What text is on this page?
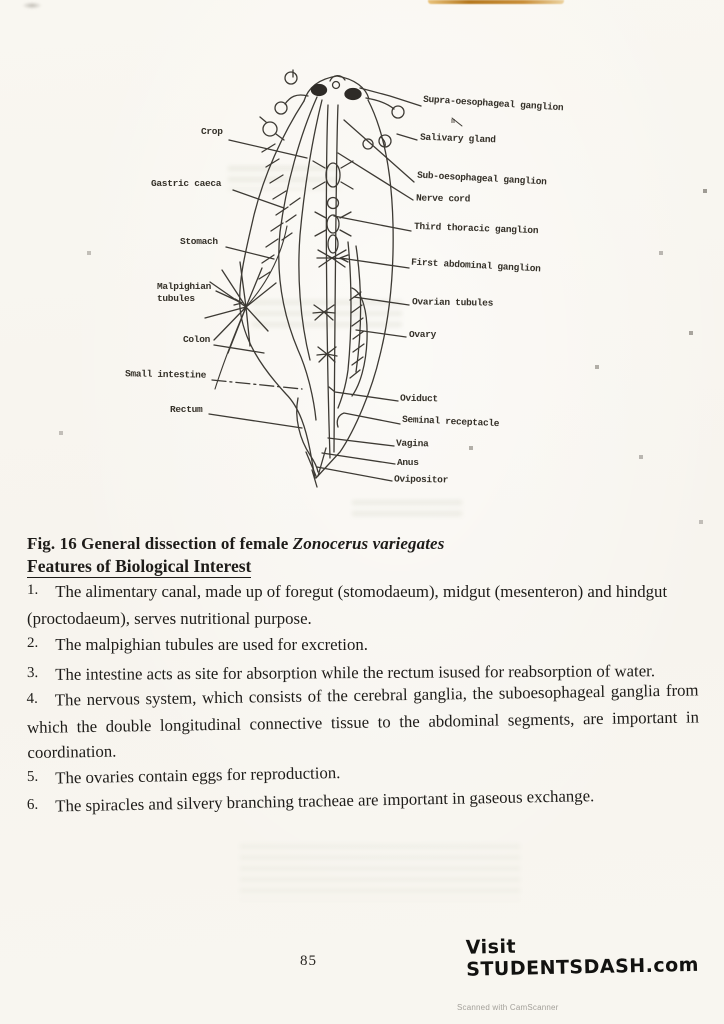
Crop
Gastric caeca
Stomach
Malpighian tubules
Colon
Small intestine
Rectum
Supra-oesophageal ganglion
Salivary gland
Sub-oesophageal ganglion
Nerve cord
Third thoracic ganglion
First abdominal ganglion
Ovarian tubules
Ovary
Oviduct
Seminal receptacle
Vagina
Anus
Ovipositor
Fig. 16 General dissection of female Zonocerus variegates
Features of Biological Interest

1. The alimentary canal, made up of foregut (stomodaeum), midgut (mesenteron) and hindgut (proctodaeum), serves nutritional purpose.

2. The malpighian tubules are used for excretion.

3. The intestine acts as site for absorption while the rectum isused for reabsorption of water.

4. The nervous system, which consists of the cerebral ganglia, the suboesophageal ganglia from which the double longitudinal connective tissue to the abdominal segments, are important in coordination.

5. The ovaries contain eggs for reproduction.

6. The spiracles and silvery branching tracheae are important in gaseous exchange.

85
Visit STUDENTSDASH.com
Scanned with CamScanner
